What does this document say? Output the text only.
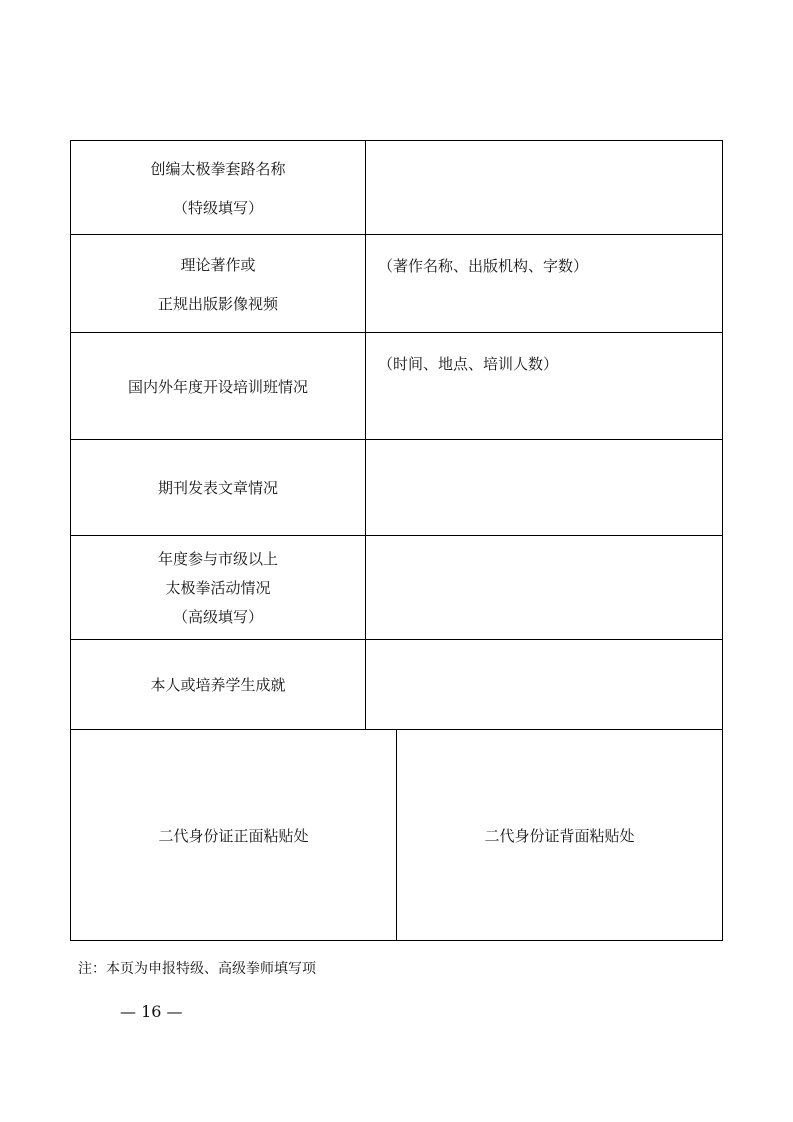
创编太极拳套路名称
（特级填写）
理论著作或
正规出版影像视频
（著作名称、出版机构、字数）
国内外年度开设培训班情况
（时间、地点、培训人数）
期刊发表文章情况
年度参与市级以上
太极拳活动情况
（高级填写）
本人或培养学生成就
二代身份证正面粘贴处	二代身份证背面粘贴处
注：本页为申报特级、高级拳师填写项
— 16 —
